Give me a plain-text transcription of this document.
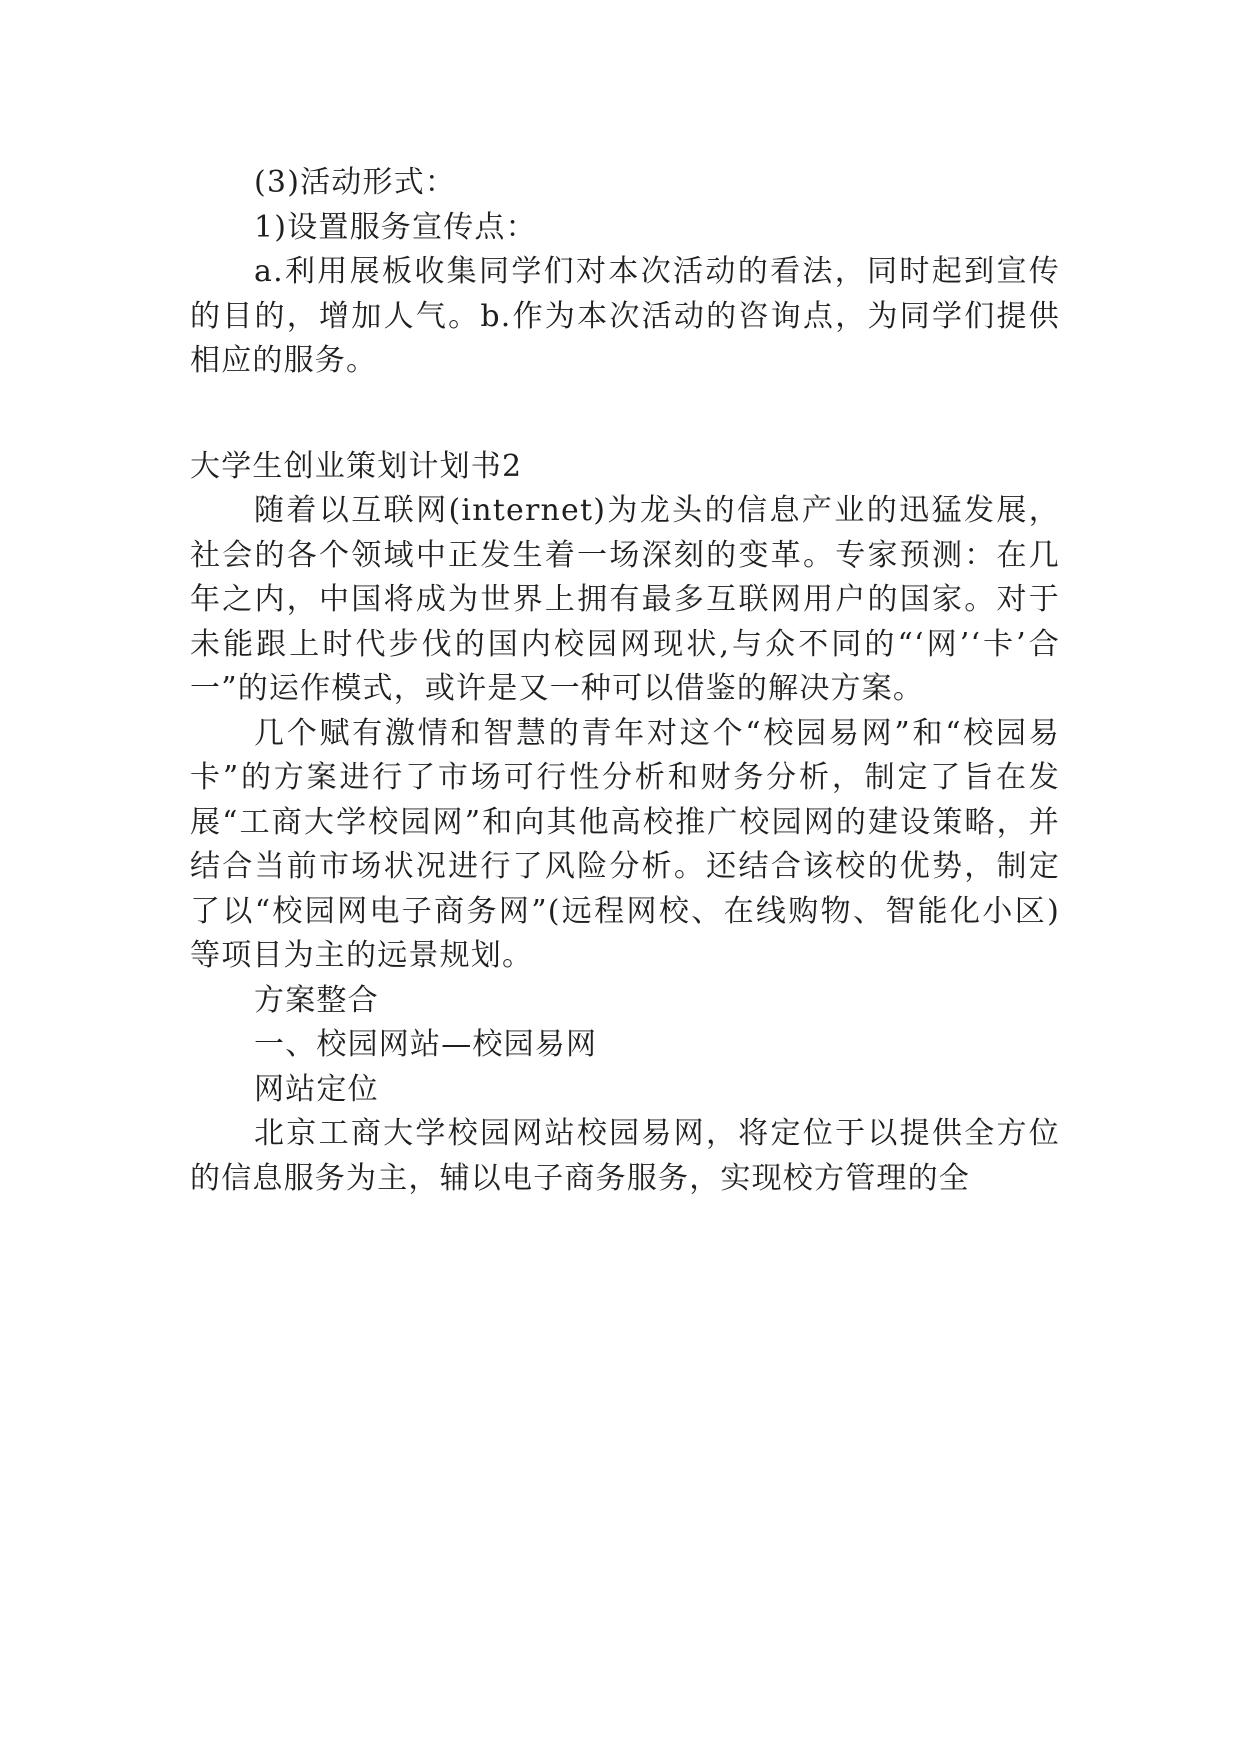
(3)活动形式：

1)设置服务宣传点：

a.利用展板收集同学们对本次活动的看法，同时起到宣传的目的，增加人气。b.作为本次活动的咨询点，为同学们提供相应的服务。

大学生创业策划计划书2

随着以互联网(internet)为龙头的信息产业的迅猛发展，社会的各个领域中正发生着一场深刻的变革。专家预测：在几年之内，中国将成为世界上拥有最多互联网用户的国家。对于未能跟上时代步伐的国内校园网现状,与众不同的“‘网’‘卡’合一”的运作模式，或许是又一种可以借鉴的解决方案。

几个赋有激情和智慧的青年对这个“校园易网”和“校园易卡”的方案进行了市场可行性分析和财务分析，制定了旨在发展“工商大学校园网”和向其他高校推广校园网的建设策略，并结合当前市场状况进行了风险分析。还结合该校的优势，制定了以“校园网电子商务网”(远程网校、在线购物、智能化小区)等项目为主的远景规划。

方案整合

一、校园网站—校园易网

网站定位

北京工商大学校园网站校园易网，将定位于以提供全方位的信息服务为主，辅以电子商务服务，实现校方管理的全
